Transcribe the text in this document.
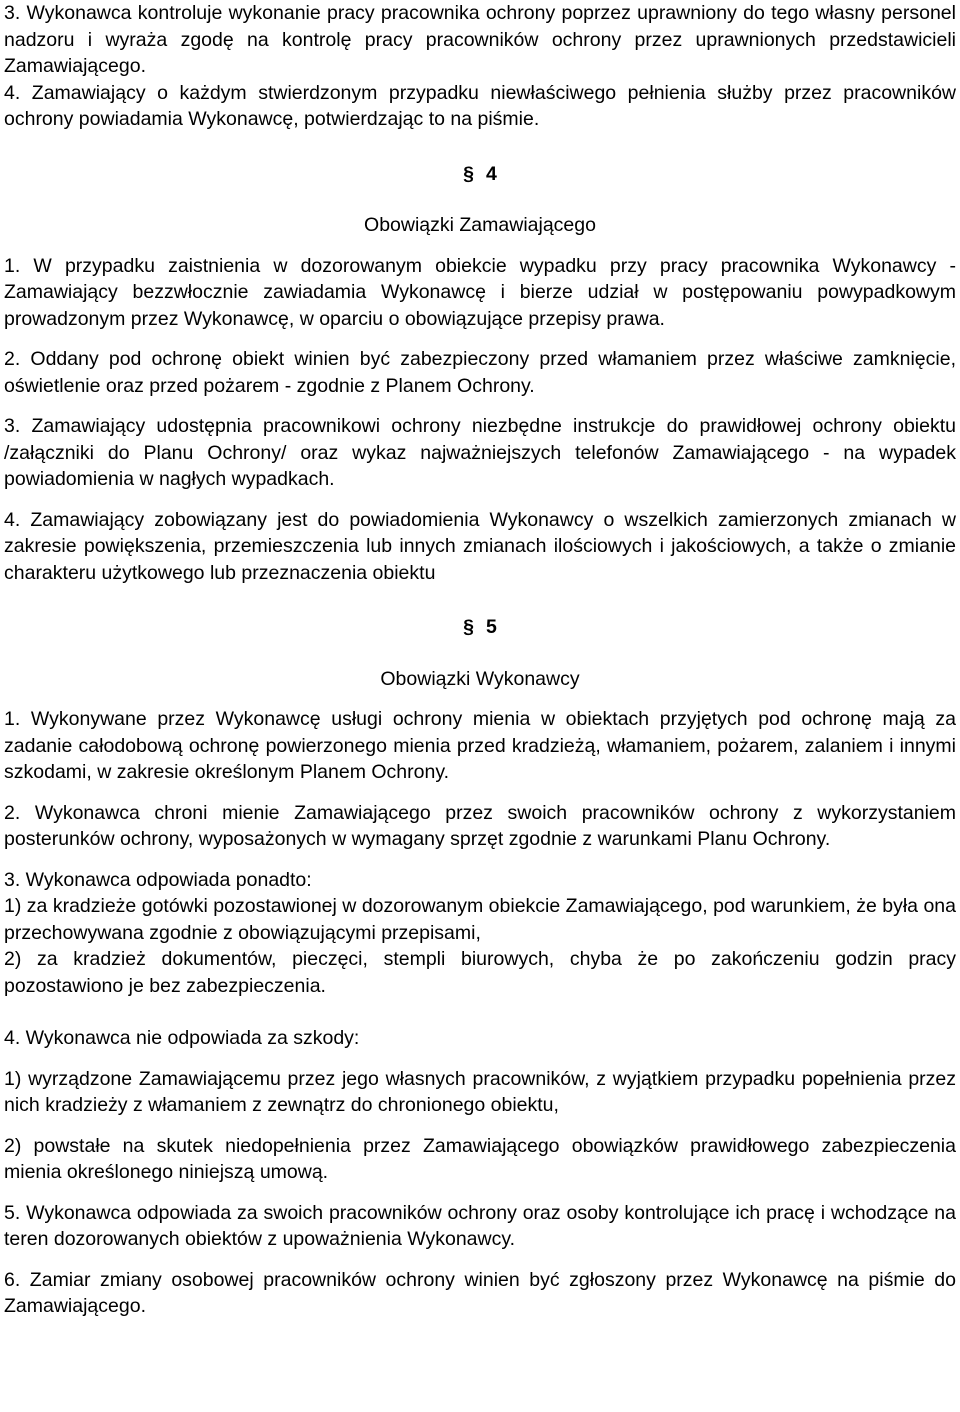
3. Wykonawca kontroluje wykonanie pracy pracownika ochrony poprzez uprawniony do tego własny personel nadzoru i wyraża zgodę na kontrolę pracy pracowników ochrony przez uprawnionych przedstawicieli Zamawiającego.

4. Zamawiający o każdym stwierdzonym przypadku niewłaściwego pełnienia służby przez pracowników ochrony powiadamia Wykonawcę, potwierdzając to na piśmie.

§ 4
Obowiązki Zamawiającego

1. W przypadku zaistnienia w dozorowanym obiekcie wypadku przy pracy pracownika Wykonawcy - Zamawiający bezzwłocznie zawiadamia Wykonawcę i bierze udział w postępowaniu powypadkowym prowadzonym przez Wykonawcę, w oparciu o obowiązujące przepisy prawa.

2. Oddany pod ochronę obiekt winien być zabezpieczony przed włamaniem przez właściwe zamknięcie, oświetlenie oraz przed pożarem - zgodnie z Planem Ochrony.

3. Zamawiający udostępnia pracownikowi ochrony niezbędne instrukcje do prawidłowej ochrony obiektu /załączniki do Planu Ochrony/ oraz wykaz najważniejszych telefonów Zamawiającego - na wypadek powiadomienia w nagłych wypadkach.

4. Zamawiający zobowiązany jest do powiadomienia Wykonawcy o wszelkich zamierzonych zmianach w zakresie powiększenia, przemieszczenia lub innych zmianach ilościowych i jakościowych, a także o zmianie charakteru użytkowego lub przeznaczenia obiektu

§ 5
Obowiązki Wykonawcy

1. Wykonywane przez Wykonawcę usługi ochrony mienia w obiektach przyjętych pod ochronę mają za zadanie całodobową ochronę powierzonego mienia przed kradzieżą, włamaniem, pożarem, zalaniem i innymi szkodami, w zakresie określonym Planem Ochrony.

2. Wykonawca chroni mienie Zamawiającego przez swoich pracowników ochrony z wykorzystaniem posterunków ochrony, wyposażonych w wymagany sprzęt zgodnie z warunkami Planu Ochrony.

3. Wykonawca odpowiada ponadto:

1) za kradzieże gotówki pozostawionej w dozorowanym obiekcie Zamawiającego, pod warunkiem, że była ona przechowywana zgodnie z obowiązującymi przepisami,

2) za kradzież dokumentów, pieczęci, stempli biurowych, chyba że po zakończeniu godzin pracy pozostawiono je bez zabezpieczenia.

4. Wykonawca nie odpowiada za szkody:

1) wyrządzone Zamawiającemu przez jego własnych pracowników, z wyjątkiem przypadku popełnienia przez nich kradzieży z włamaniem z zewnątrz do chronionego obiektu,

2) powstałe na skutek niedopełnienia przez Zamawiającego obowiązków prawidłowego zabezpieczenia mienia określonego niniejszą umową.

5. Wykonawca odpowiada za swoich pracowników ochrony oraz osoby kontrolujące ich pracę i wchodzące na teren dozorowanych obiektów z upoważnienia Wykonawcy.

6. Zamiar zmiany osobowej pracowników ochrony winien być zgłoszony przez Wykonawcę na piśmie do Zamawiającego.
